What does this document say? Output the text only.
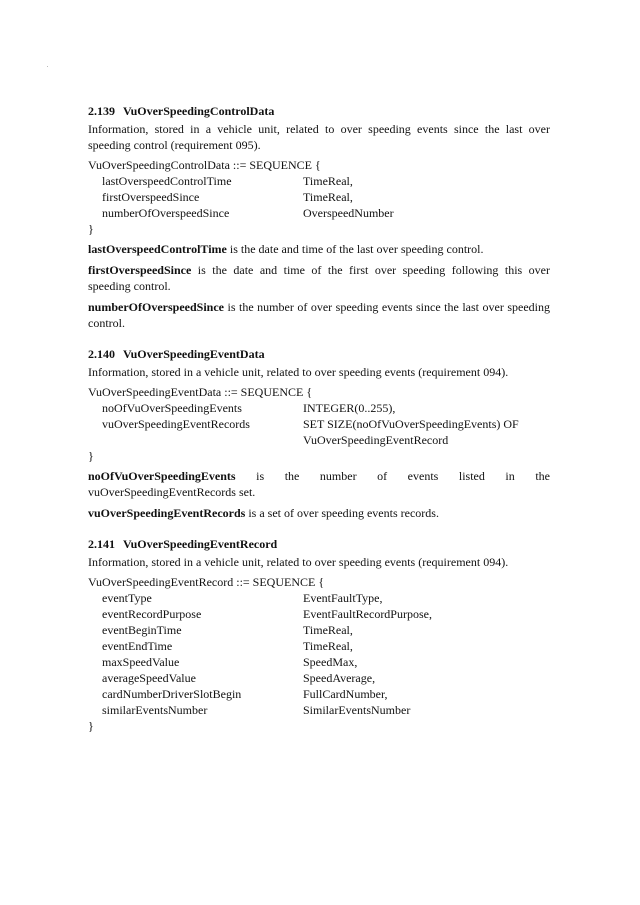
2.139 VuOverSpeedingControlData

Information, stored in a vehicle unit, related to over speeding events since the last over speeding control (requirement 095).

VuOverSpeedingControlData ::= SEQUENCE {
lastOverspeedControlTime	TimeReal,
firstOverspeedSince	TimeReal,
numberOfOverspeedSince	OverspeedNumber
}

lastOverspeedControlTime is the date and time of the last over speeding control.

firstOverspeedSince is the date and time of the first over speeding following this over speeding control.

numberOfOverspeedSince is the number of over speeding events since the last over speeding control.

2.140 VuOverSpeedingEventData

Information, stored in a vehicle unit, related to over speeding events (requirement 094).

VuOverSpeedingEventData ::= SEQUENCE {
noOfVuOverSpeedingEvents	INTEGER(0..255),
vuOverSpeedingEventRecords	SET SIZE(noOfVuOverSpeedingEvents) OF
VuOverSpeedingEventRecord
}
noOfVuOverSpeedingEvents is the number of events listed in the
vuOverSpeedingEventRecords set.

vuOverSpeedingEventRecords is a set of over speeding events records.

2.141 VuOverSpeedingEventRecord

Information, stored in a vehicle unit, related to over speeding events (requirement 094).

VuOverSpeedingEventRecord ::= SEQUENCE {
eventType	EventFaultType,
eventRecordPurpose	EventFaultRecordPurpose,
eventBeginTime	TimeReal,
eventEndTime	TimeReal,
maxSpeedValue	SpeedMax,
averageSpeedValue	SpeedAverage,
cardNumberDriverSlotBegin	FullCardNumber,
similarEventsNumber	SimilarEventsNumber
}
